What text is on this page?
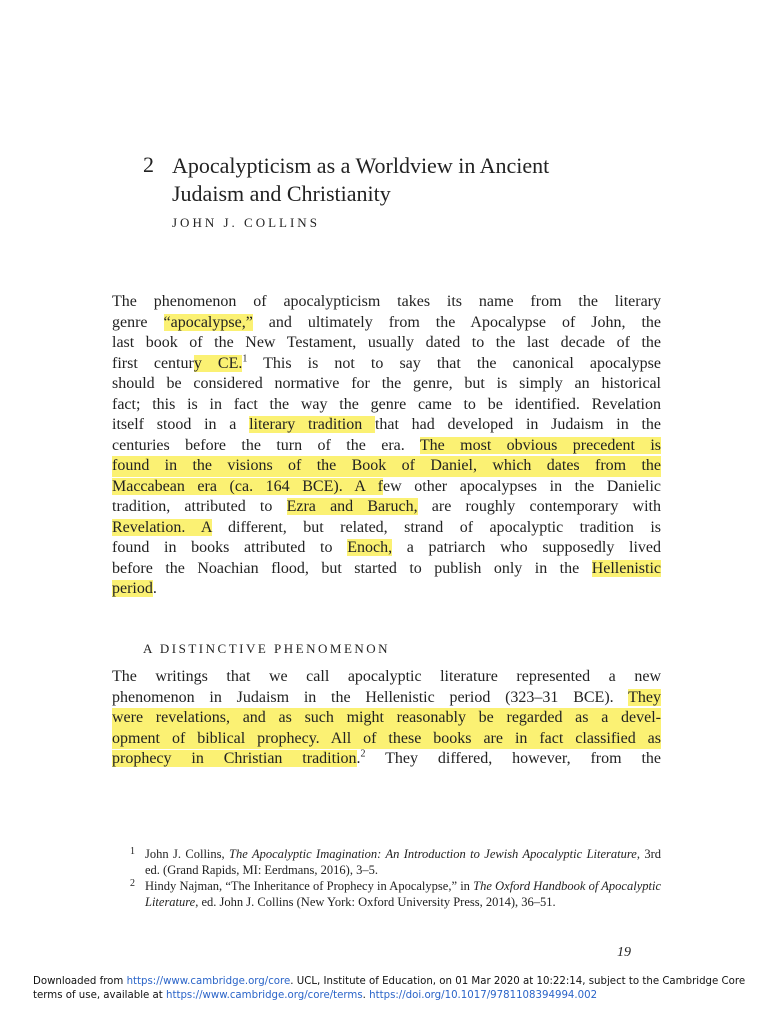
2 Apocalypticism as a Worldview in Ancient
Judaism and Christianity
JOHN J. COLLINS
The phenomenon of apocalypticism takes its name from the literary
genre “apocalypse,” and ultimately from the Apocalypse of John, the
last book of the New Testament, usually dated to the last decade of the
first century CE.$^1$ This is not to say that the canonical apocalypse
should be considered normative for the genre, but is simply an historical
fact; this is in fact the way the genre came to be identified. Revelation
itself stood in a literary tradition that had developed in Judaism in the
centuries before the turn of the era. The most obvious precedent is
found in the visions of the Book of Daniel, which dates from the
Maccabean era (ca. 164 BCE). A few other apocalypses in the Danielic
tradition, attributed to Ezra and Baruch, are roughly contemporary with
Revelation. A different, but related, strand of apocalyptic tradition is
found in books attributed to Enoch, a patriarch who supposedly lived
before the Noachian flood, but started to publish only in the Hellenistic
period.
A DISTINCTIVE PHENOMENON
The writings that we call apocalyptic literature represented a new
phenomenon in Judaism in the Hellenistic period (323–31 BCE). They
were revelations, and as such might reasonably be regarded as a devel-
opment of biblical prophecy. All of these books are in fact classified as
prophecy in Christian tradition.$^2$ They differed, however, from the
1 John J. Collins, The Apocalyptic Imagination: An Introduction to Jewish Apocalyptic Literature, 3rd ed. (Grand Rapids, MI: Eerdmans, 2016), 3–5.
2 Hindy Najman, “The Inheritance of Prophecy in Apocalypse,” in The Oxford Handbook of Apocalyptic Literature, ed. John J. Collins (New York: Oxford University Press, 2014), 36–51.
19
Downloaded from https://www.cambridge.org/core. UCL, Institute of Education, on 01 Mar 2020 at 10:22:14, subject to the Cambridge Core
terms of use, available at https://www.cambridge.org/core/terms. https://doi.org/10.1017/9781108394994.002
